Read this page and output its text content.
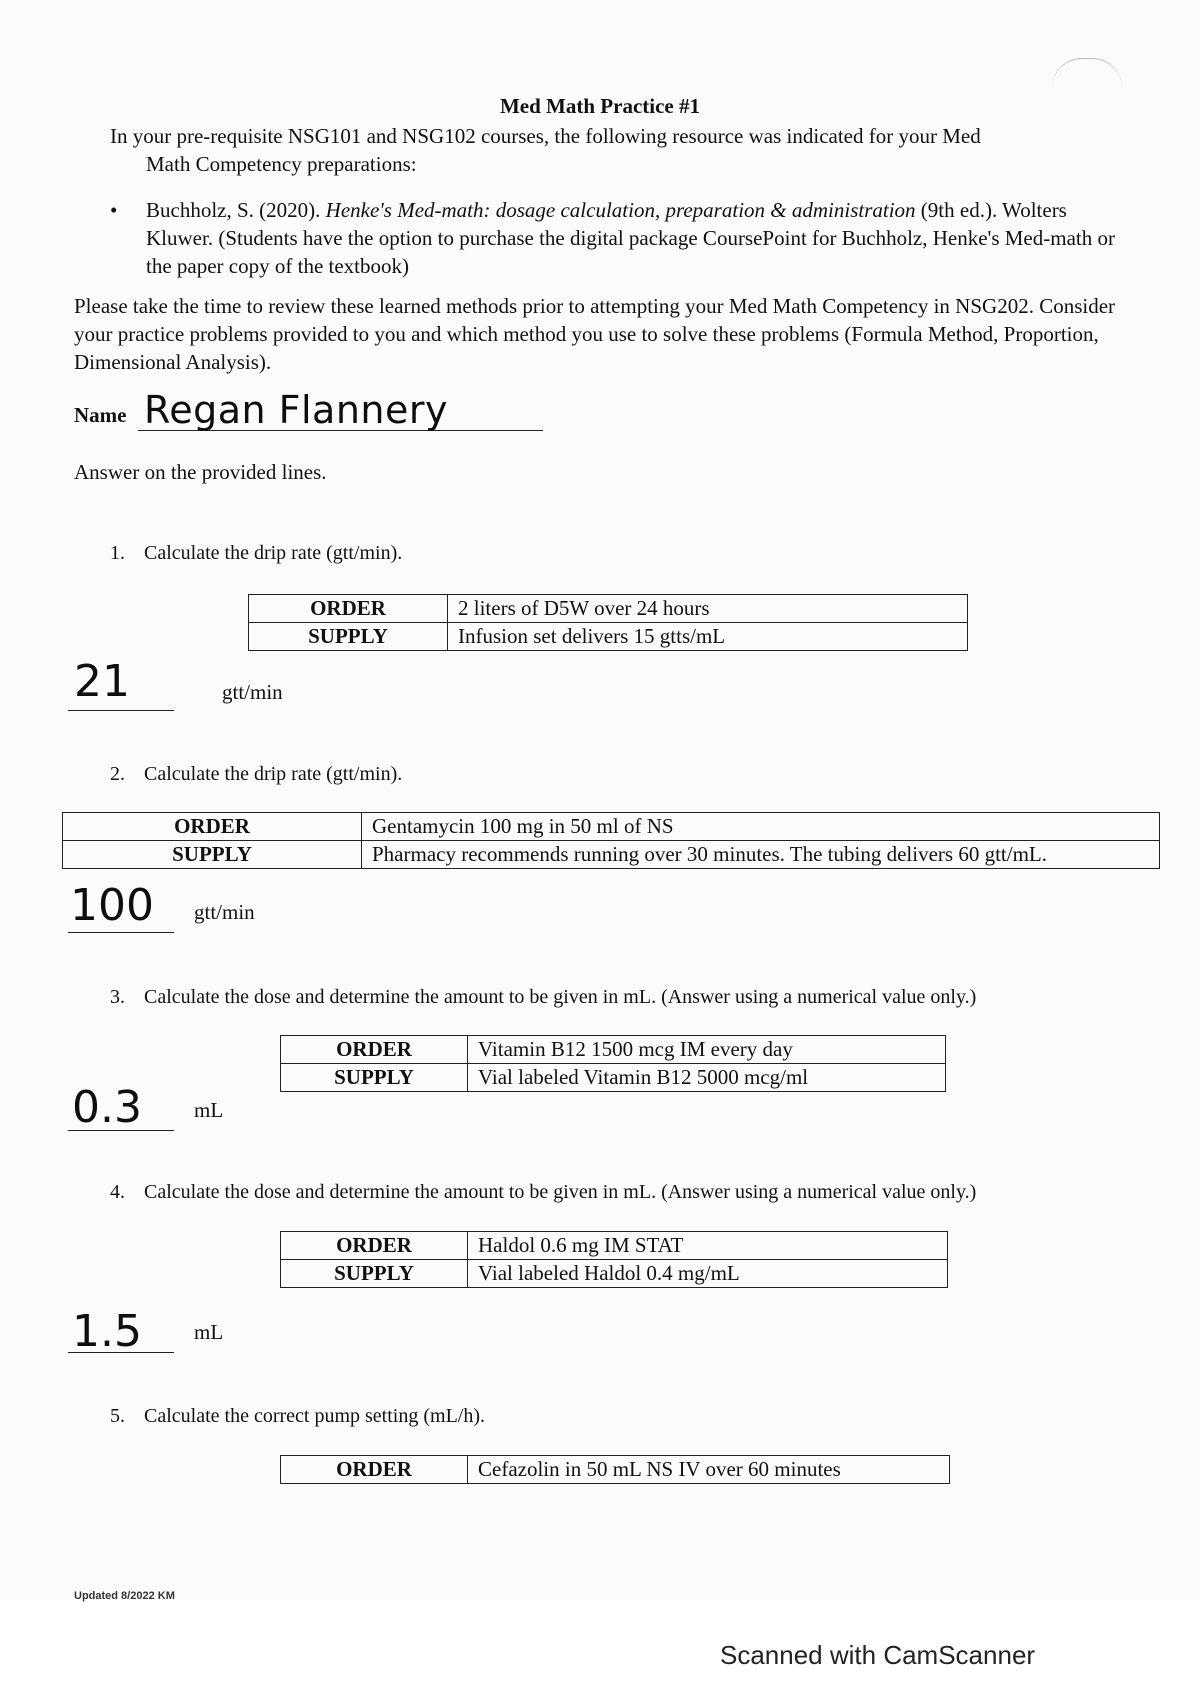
Med Math Practice #1
In your pre-requisite NSG101 and NSG102 courses, the following resource was indicated for your Med
Math Competency preparations:
• Buchholz, S. (2020). Henke's Med-math: dosage calculation, preparation & administration (9th ed.). Wolters Kluwer. (Students have the option to purchase the digital package CoursePoint for Buchholz, Henke's Med-math or the paper copy of the textbook)
Please take the time to review these learned methods prior to attempting your Med Math Competency in NSG202. Consider your practice problems provided to you and which method you use to solve these problems (Formula Method, Proportion, Dimensional Analysis).
Name Regan Flannery
Answer on the provided lines.
1. Calculate the drip rate (gtt/min).
ORDER	2 liters of D5W over 24 hours
SUPPLY	Infusion set delivers 15 gtts/mL
21	gtt/min
2. Calculate the drip rate (gtt/min).
ORDER	Gentamycin 100 mg in 50 ml of NS
SUPPLY	Pharmacy recommends running over 30 minutes. The tubing delivers 60 gtt/mL.
100 gtt/min
3. Calculate the dose and determine the amount to be given in mL. (Answer using a numerical value only.)
ORDER	Vitamin B12 1500 mcg IM every day
SUPPLY	Vial labeled Vitamin B12 5000 mcg/ml
0.3 mL
4. Calculate the dose and determine the amount to be given in mL. (Answer using a numerical value only.)
ORDER	Haldol 0.6 mg IM STAT
SUPPLY	Vial labeled Haldol 0.4 mg/mL
1.5 mL
5. Calculate the correct pump setting (mL/h).
ORDER	Cefazolin in 50 mL NS IV over 60 minutes
Updated 8/2022 KM
Scanned with CamScanner
